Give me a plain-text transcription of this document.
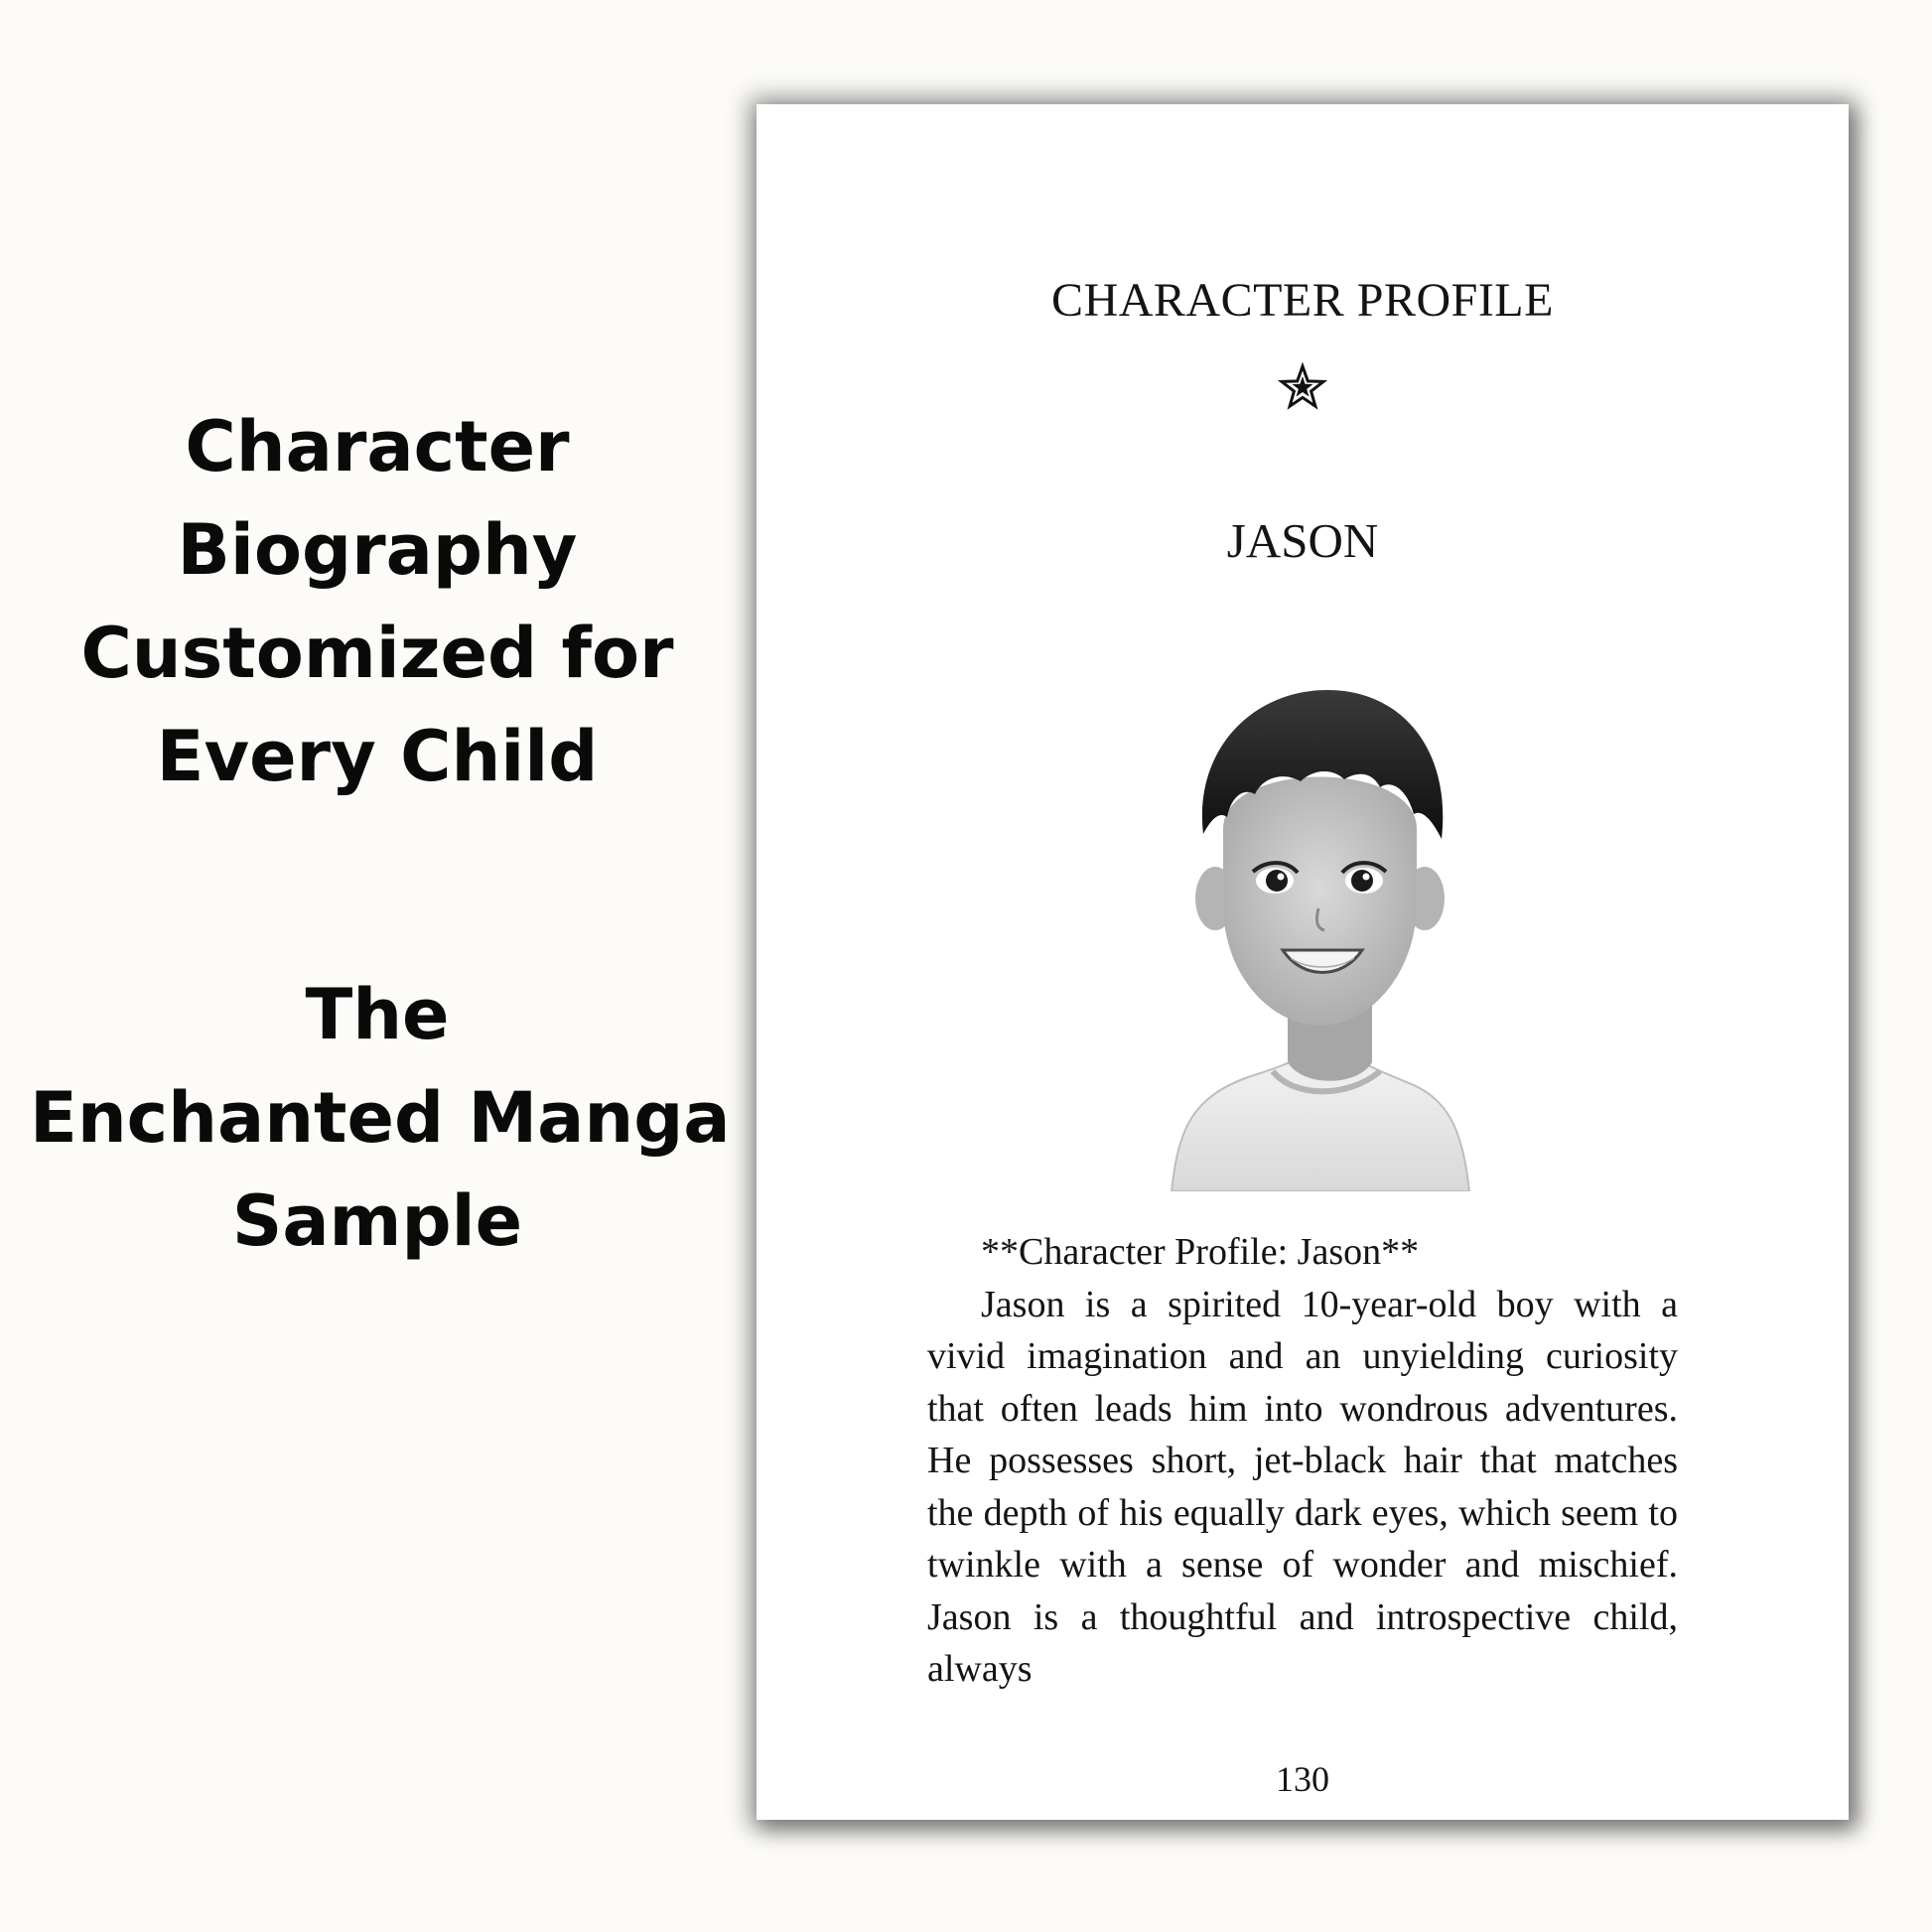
Character
Biography
Customized for
Every Child
The
Enchanted Manga
Sample
CHARACTER PROFILE
JASON
**Character Profile: Jason**
Jason is a spirited 10-year-old boy with a vivid imagination and an unyielding curiosity that often leads him into wondrous adventures. He possesses short, jet-black hair that matches the depth of his equally dark eyes, which seem to twinkle with a sense of wonder and mischief. Jason is a thoughtful and introspective child, always
130
